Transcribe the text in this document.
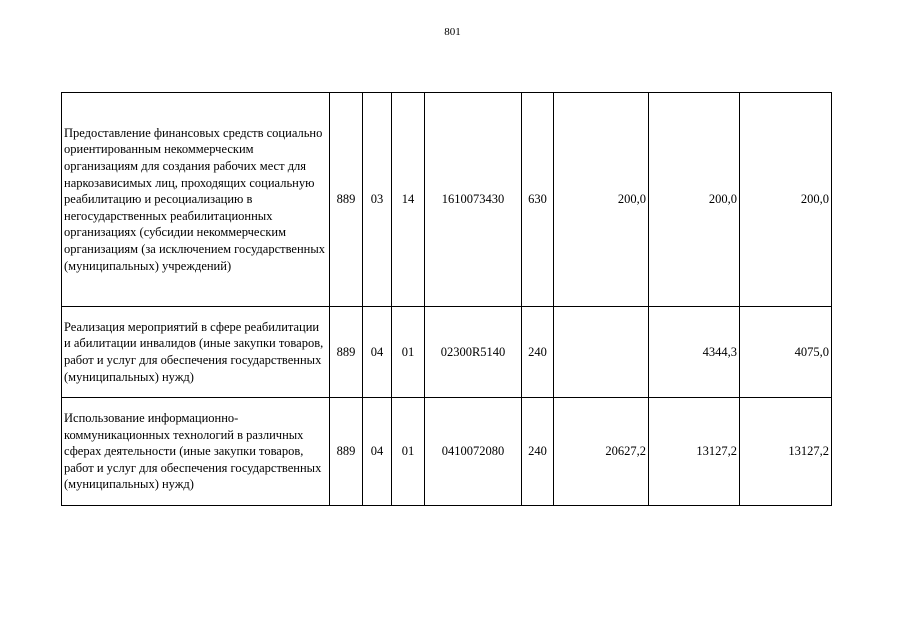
801
Предоставление финансовых средств социально ориентированным некоммерческим организациям для создания рабочих мест для наркозависимых лиц, проходящих социальную реабилитацию и ресоциализацию в негосударственных реабилитационных организациях (субсидии некоммерческим организациям (за исключением государственных (муниципальных) учреждений)	889	03	14	1610073430	630	200,0	200,0	200,0
Реализация мероприятий в сфере реабилитации и абилитации инвалидов (иные закупки товаров, работ и услуг для обеспечения государственных (муниципальных) нужд)	889	04	01	02300R5140	240		4344,3	4075,0
Использование информационно-коммуникационных технологий в различных сферах деятельности (иные закупки товаров, работ и услуг для обеспечения государственных (муниципальных) нужд)	889	04	01	0410072080	240	20627,2	13127,2	13127,2
